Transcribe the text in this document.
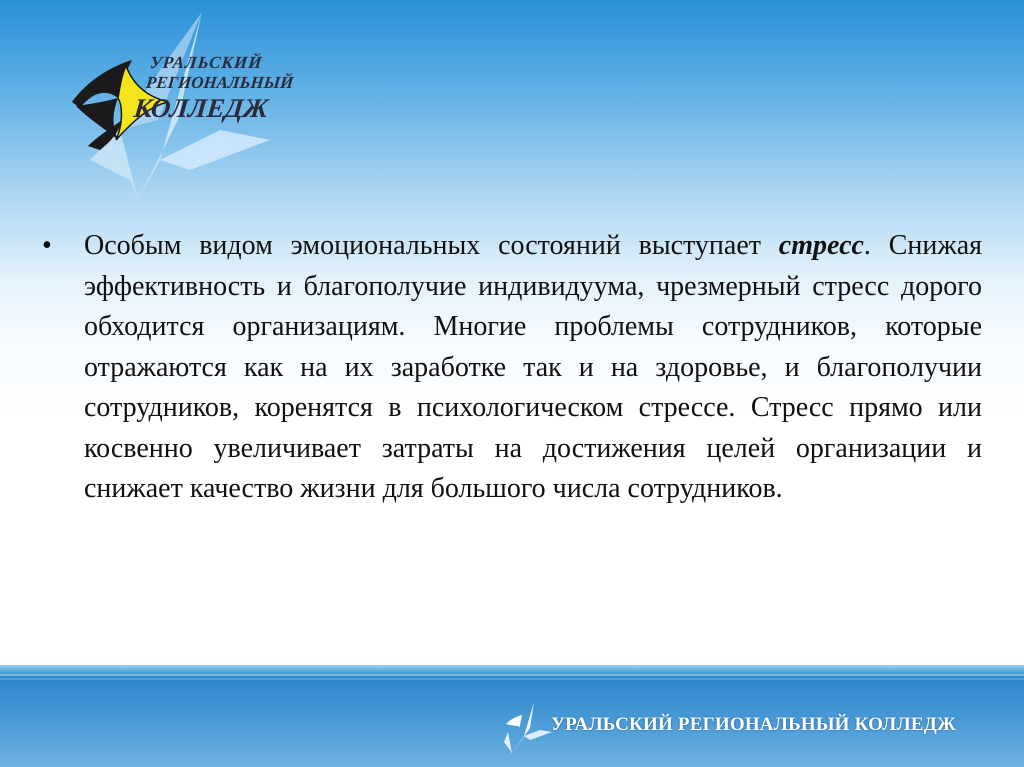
УРАЛЬСКИЙ
РЕГИОНАЛЬНЫЙ
КОЛЛЕДЖ
•	Особым видом эмоциональных состояний выступает стресс. Снижая эффективность и благополучие индивидуума, чрезмерный стресс дорого обходится организациям. Многие проблемы сотрудников, которые отражаются как на их заработке так и на здоровье, и благополучии сотрудников, коренятся в психологическом стрессе. Стресс прямо или косвенно увеличивает затраты на достижения целей организации и снижает качество жизни для большого числа сотрудников.
УРАЛЬСКИЙ РЕГИОНАЛЬНЫЙ КОЛЛЕДЖ
